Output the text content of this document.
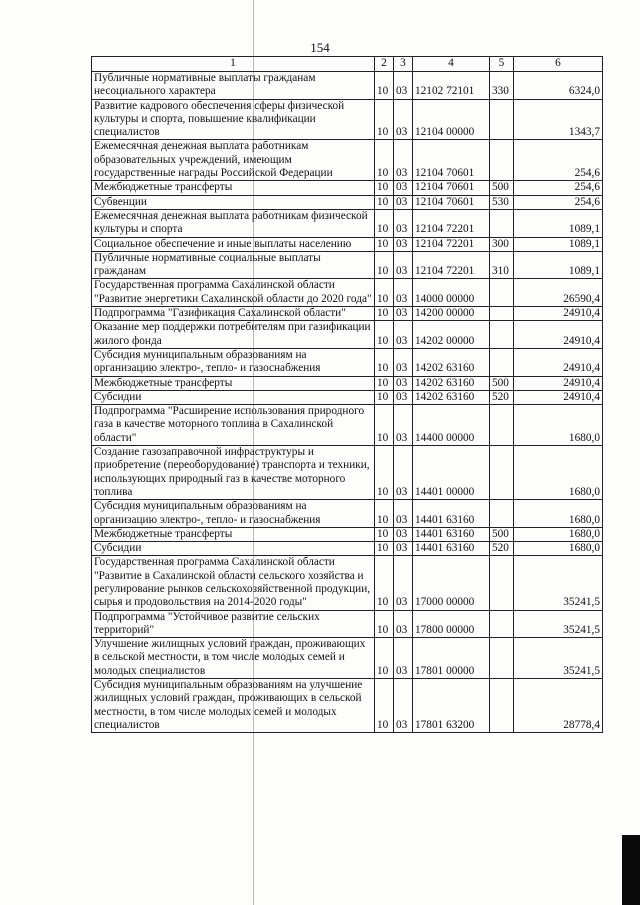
154
1	2	3	4	5	6
Публичные нормативные выплаты гражданам несоциального характера	10	03	12102 72101	330	6324,0
Развитие кадрового обеспечения сферы физической культуры и спорта, повышение квалификации специалистов	10	03	12104 00000		1343,7
Ежемесячная денежная выплата работникам образовательных учреждений, имеющим государственные награды Российской Федерации	10	03	12104 70601		254,6
Межбюджетные трансферты	10	03	12104 70601	500	254,6
Субвенции	10	03	12104 70601	530	254,6
Ежемесячная денежная выплата работникам физической культуры и спорта	10	03	12104 72201		1089,1
Социальное обеспечение и иные выплаты населению	10	03	12104 72201	300	1089,1
Публичные нормативные социальные выплаты гражданам	10	03	12104 72201	310	1089,1
Государственная программа Сахалинской области "Развитие энергетики Сахалинской области до 2020 года"	10	03	14000 00000		26590,4
Подпрограмма "Газификация Сахалинской области"	10	03	14200 00000		24910,4
Оказание мер поддержки потребителям при газификации жилого фонда	10	03	14202 00000		24910,4
Субсидия муниципальным образованиям на организацию электро-, тепло- и газоснабжения	10	03	14202 63160		24910,4
Межбюджетные трансферты	10	03	14202 63160	500	24910,4
Субсидии	10	03	14202 63160	520	24910,4
Подпрограмма "Расширение использования природного газа в качестве моторного топлива в Сахалинской области"	10	03	14400 00000		1680,0
Создание газозаправочной инфраструктуры и приобретение (переоборудование) транспорта и техники, использующих природный газ в качестве моторного топлива	10	03	14401 00000		1680,0
Субсидия муниципальным образованиям на организацию электро-, тепло- и газоснабжения	10	03	14401 63160		1680,0
Межбюджетные трансферты	10	03	14401 63160	500	1680,0
Субсидии	10	03	14401 63160	520	1680,0
Государственная программа Сахалинской области "Развитие в Сахалинской области сельского хозяйства и регулирование рынков сельскохозяйственной продукции, сырья и продовольствия на 2014-2020 годы"	10	03	17000 00000		35241,5
Подпрограмма "Устойчивое развитие сельских территорий"	10	03	17800 00000		35241,5
Улучшение жилищных условий граждан, проживающих в сельской местности, в том числе молодых семей и молодых специалистов	10	03	17801 00000		35241,5
Субсидия муниципальным образованиям на улучшение жилищных условий граждан, проживающих в сельской местности, в том числе молодых семей и молодых специалистов	10	03	17801 63200		28778,4
